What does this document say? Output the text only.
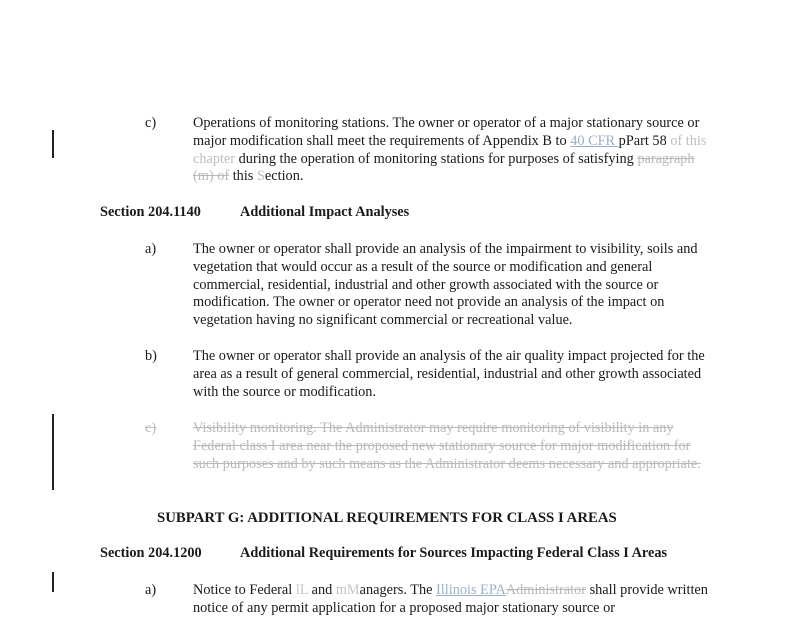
c)	Operations of monitoring stations. The owner or operator of a major stationary source or major modification shall meet the requirements of Appendix B to 40 CFR pPart 58 of this chapter during the operation of monitoring stations for purposes of satisfying paragraph (m) of this Section.
Section 204.1140	Additional Impact Analyses
a)	The owner or operator shall provide an analysis of the impairment to visibility, soils and vegetation that would occur as a result of the source or modification and general commercial, residential, industrial and other growth associated with the source or modification. The owner or operator need not provide an analysis of the impact on vegetation having no significant commercial or recreational value.
b)	The owner or operator shall provide an analysis of the air quality impact projected for the area as a result of general commercial, residential, industrial and other growth associated with the source or modification.
c)	Visibility monitoring. The Administrator may require monitoring of visibility in any Federal class I area near the proposed new stationary source for major modification for such purposes and by such means as the Administrator deems necessary and appropriate.
SUBPART G: ADDITIONAL REQUIREMENTS FOR CLASS I AREAS
Section 204.1200	Additional Requirements for Sources Impacting Federal Class I Areas
a)	Notice to Federal lL and mManagers. The Illinois EPAAdministrator shall provide written notice of any permit application for a proposed major stationary source or
